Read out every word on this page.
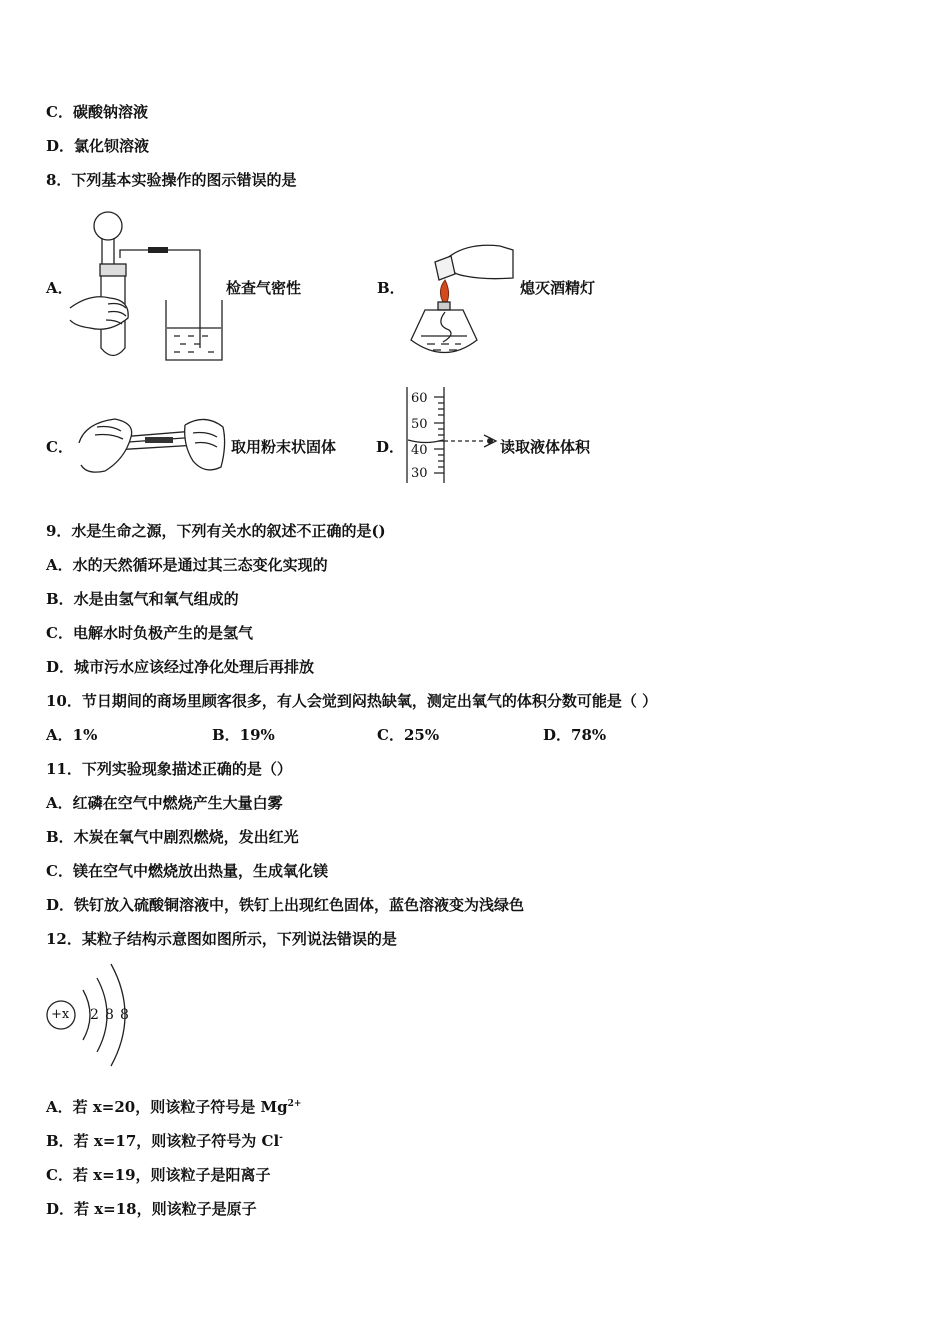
C．碳酸钠溶液
D．氯化钡溶液
8．下列基本实验操作的图示错误的是
A．	检查气密性	B．	熄灭酒精灯
C．	取用粉末状固体	D．
60
50
40
30
读取液体体积
9．水是生命之源，下列有关水的叙述不正确的是()
A．水的天然循环是通过其三态变化实现的
B．水是由氢气和氧气组成的
C．电解水时负极产生的是氢气
D．城市污水应该经过净化处理后再排放
10．节日期间的商场里顾客很多，有人会觉到闷热缺氧，测定出氧气的体积分数可能是（ ）
A．1%	B．19%	C．25%	D．78%
11．下列实验现象描述正确的是（）
A．红磷在空气中燃烧产生大量白雾
B．木炭在氧气中剧烈燃烧，发出红光
C．镁在空气中燃烧放出热量，生成氧化镁
D．铁钉放入硫酸铜溶液中，铁钉上出现红色固体，蓝色溶液变为浅绿色
12．某粒子结构示意图如图所示，下列说法错误的是
+x 2 8 8
A．若 x=20，则该粒子符号是 $Mg^{2+}$
B．若 x=17，则该粒子符号为 Cl-
C．若 x=19，则该粒子是阳离子
D．若 x=18，则该粒子是原子
